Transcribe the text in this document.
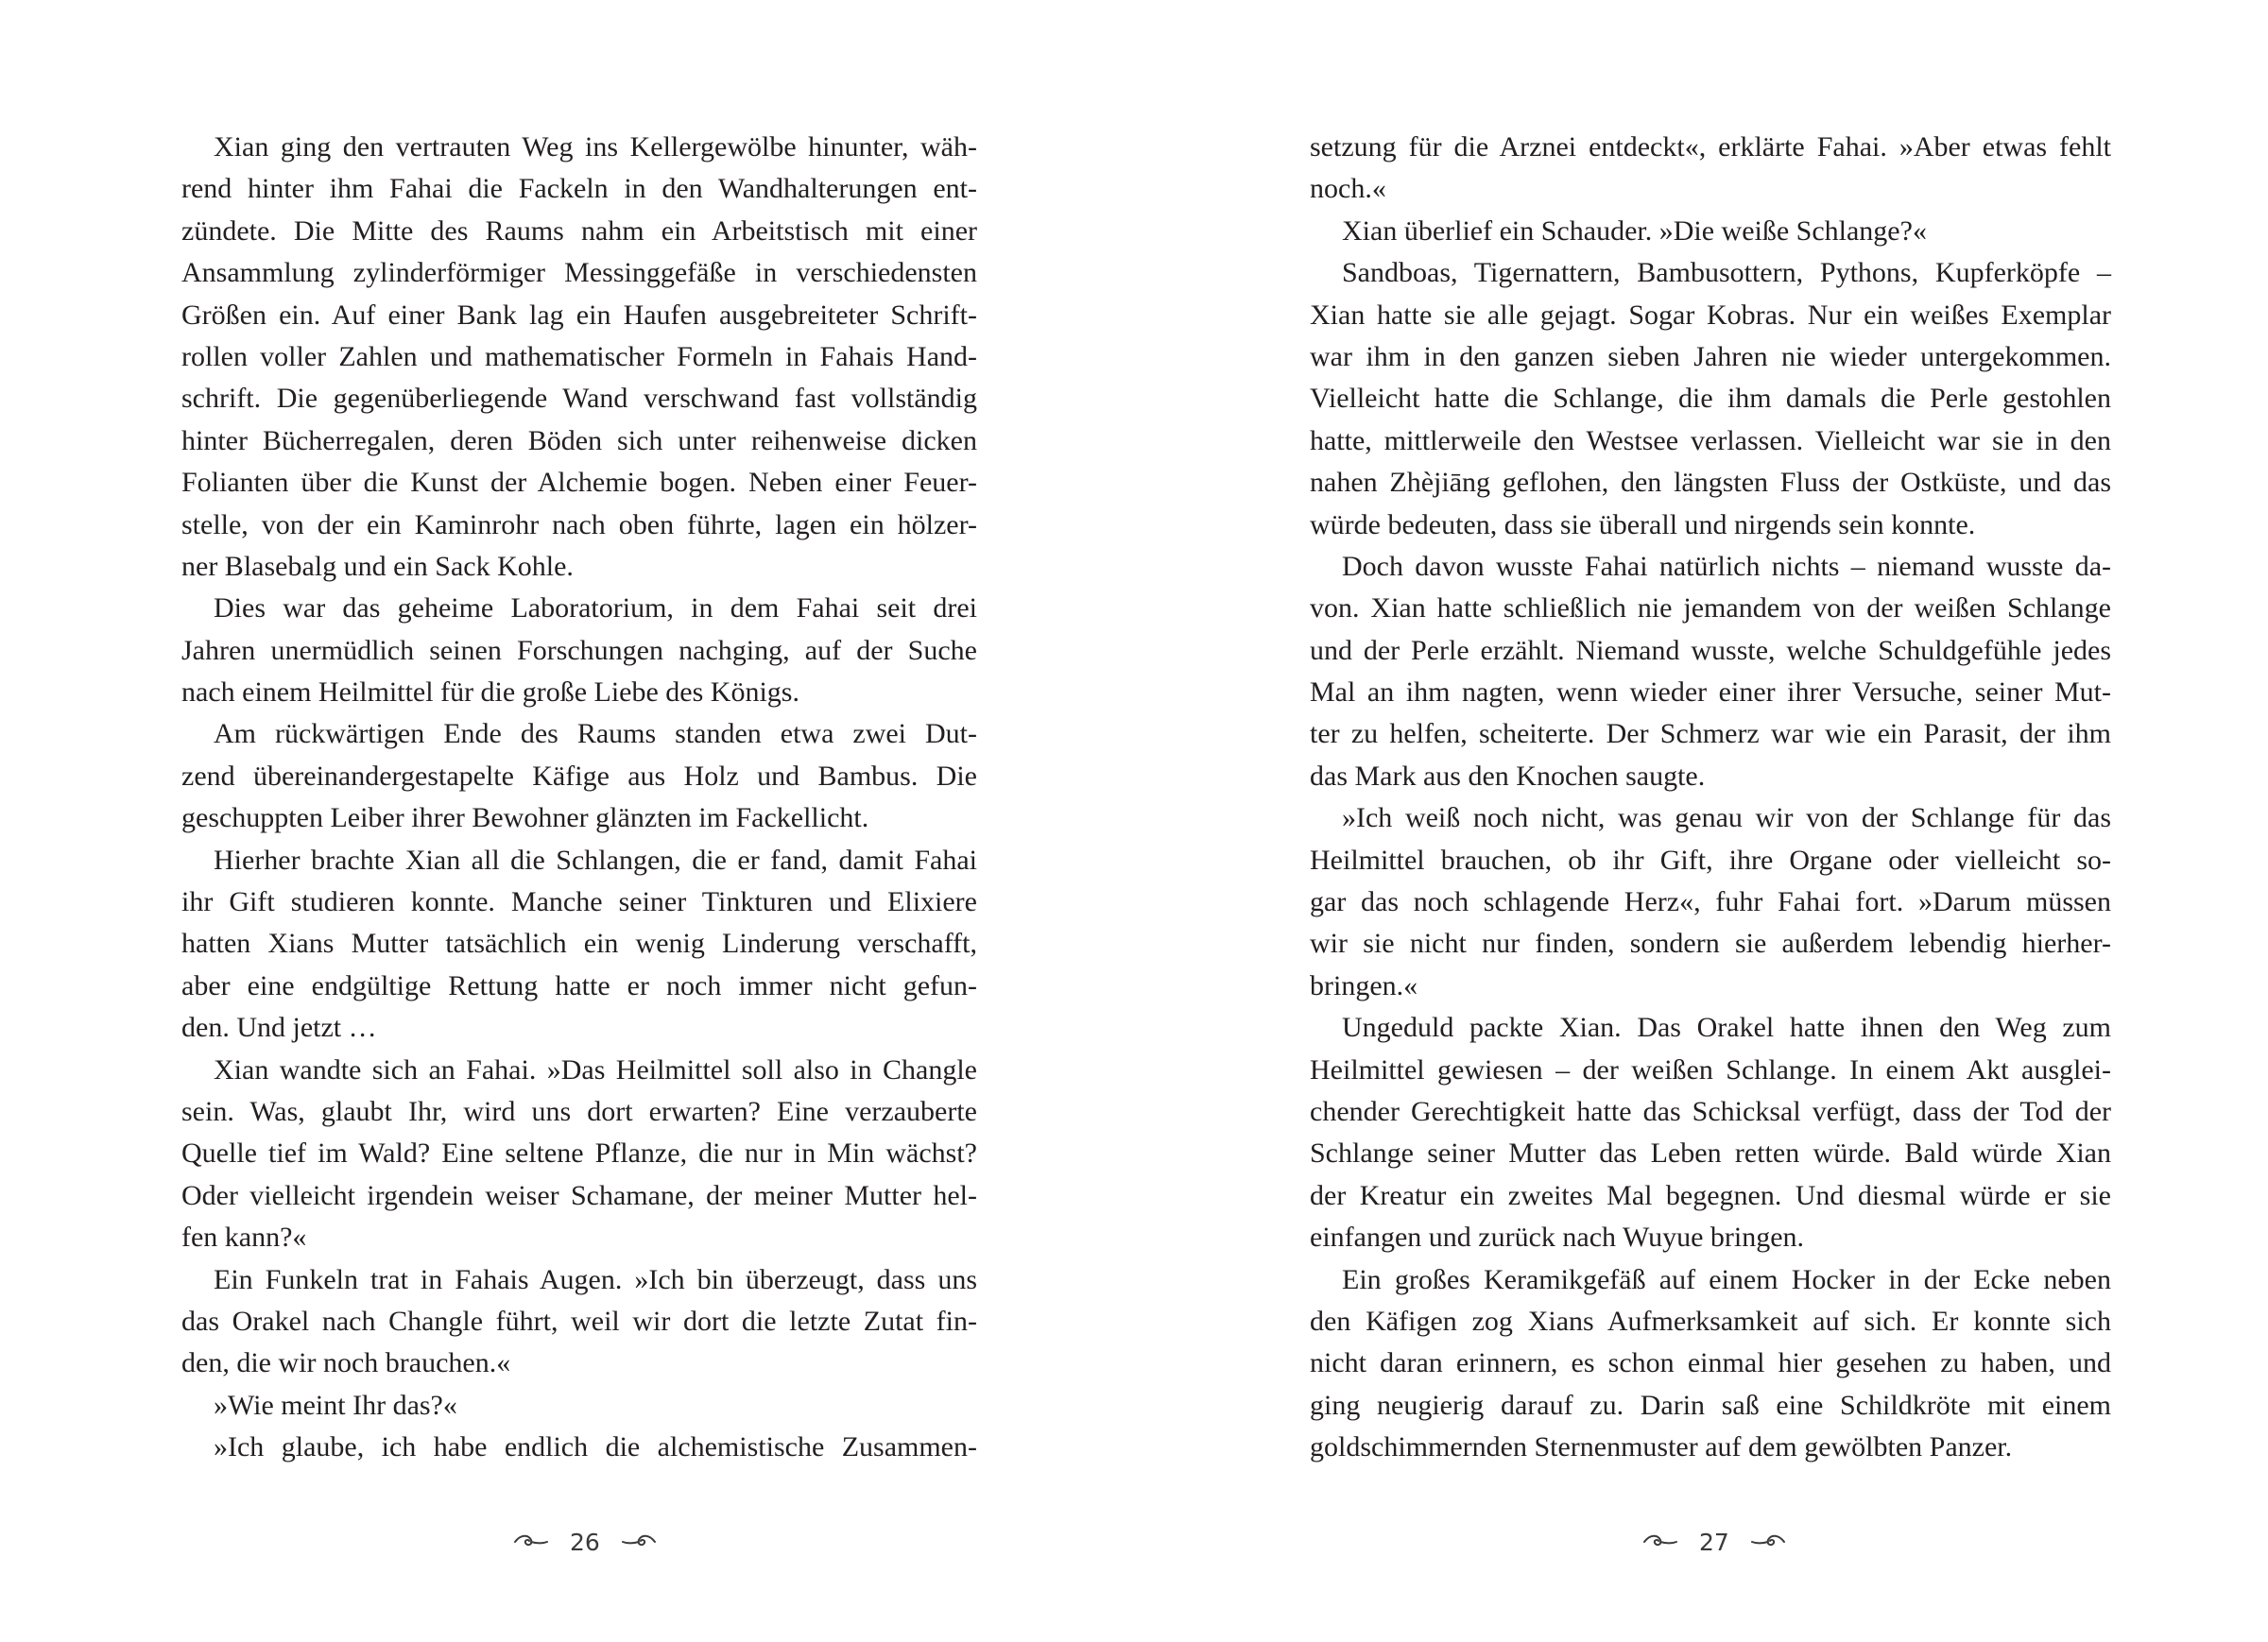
Xian ging den vertrauten Weg ins Kellergewölbe hinunter, wäh-
rend hinter ihm Fahai die Fackeln in den Wandhalterungen ent-
zündete. Die Mitte des Raums nahm ein Arbeitstisch mit einer
Ansammlung zylinderförmiger Messinggefäße in verschiedensten
Größen ein. Auf einer Bank lag ein Haufen ausgebreiteter Schrift-
rollen voller Zahlen und mathematischer Formeln in Fahais Hand-
schrift. Die gegenüberliegende Wand verschwand fast vollständig
hinter Bücherregalen, deren Böden sich unter reihenweise dicken
Folianten über die Kunst der Alchemie bogen. Neben einer Feuer-
stelle, von der ein Kaminrohr nach oben führte, lagen ein hölzer-
ner Blasebalg und ein Sack Kohle.
Dies war das geheime Laboratorium, in dem Fahai seit drei
Jahren unermüdlich seinen Forschungen nachging, auf der Suche
nach einem Heilmittel für die große Liebe des Königs.
Am rückwärtigen Ende des Raums standen etwa zwei Dut-
zend übereinandergestapelte Käfige aus Holz und Bambus. Die
geschuppten Leiber ihrer Bewohner glänzten im Fackellicht.
Hierher brachte Xian all die Schlangen, die er fand, damit Fahai
ihr Gift studieren konnte. Manche seiner Tinkturen und Elixiere
hatten Xians Mutter tatsächlich ein wenig Linderung verschafft,
aber eine endgültige Rettung hatte er noch immer nicht gefun-
den. Und jetzt …
Xian wandte sich an Fahai. »Das Heilmittel soll also in Changle
sein. Was, glaubt Ihr, wird uns dort erwarten? Eine verzauberte
Quelle tief im Wald? Eine seltene Pflanze, die nur in Min wächst?
Oder vielleicht irgendein weiser Schamane, der meiner Mutter hel-
fen kann?«
Ein Funkeln trat in Fahais Augen. »Ich bin überzeugt, dass uns
das Orakel nach Changle führt, weil wir dort die letzte Zutat fin-
den, die wir noch brauchen.«
»Wie meint Ihr das?«
»Ich glaube, ich habe endlich die alchemistische Zusammen-
26
setzung für die Arznei entdeckt«, erklärte Fahai. »Aber etwas fehlt
noch.«
Xian überlief ein Schauder. »Die weiße Schlange?«
Sandboas, Tigernattern, Bambusottern, Pythons, Kupferköpfe –
Xian hatte sie alle gejagt. Sogar Kobras. Nur ein weißes Exemplar
war ihm in den ganzen sieben Jahren nie wieder untergekommen.
Vielleicht hatte die Schlange, die ihm damals die Perle gestohlen
hatte, mittlerweile den Westsee verlassen. Vielleicht war sie in den
nahen Zhèjiāng geflohen, den längsten Fluss der Ostküste, und das
würde bedeuten, dass sie überall und nirgends sein konnte.
Doch davon wusste Fahai natürlich nichts – niemand wusste da-
von. Xian hatte schließlich nie jemandem von der weißen Schlange
und der Perle erzählt. Niemand wusste, welche Schuldgefühle jedes
Mal an ihm nagten, wenn wieder einer ihrer Versuche, seiner Mut-
ter zu helfen, scheiterte. Der Schmerz war wie ein Parasit, der ihm
das Mark aus den Knochen saugte.
»Ich weiß noch nicht, was genau wir von der Schlange für das
Heilmittel brauchen, ob ihr Gift, ihre Organe oder vielleicht so-
gar das noch schlagende Herz«, fuhr Fahai fort. »Darum müssen
wir sie nicht nur finden, sondern sie außerdem lebendig hierher-
bringen.«
Ungeduld packte Xian. Das Orakel hatte ihnen den Weg zum
Heilmittel gewiesen – der weißen Schlange. In einem Akt ausglei-
chender Gerechtigkeit hatte das Schicksal verfügt, dass der Tod der
Schlange seiner Mutter das Leben retten würde. Bald würde Xian
der Kreatur ein zweites Mal begegnen. Und diesmal würde er sie
einfangen und zurück nach Wuyue bringen.
Ein großes Keramikgefäß auf einem Hocker in der Ecke neben
den Käfigen zog Xians Aufmerksamkeit auf sich. Er konnte sich
nicht daran erinnern, es schon einmal hier gesehen zu haben, und
ging neugierig darauf zu. Darin saß eine Schildkröte mit einem
goldschimmernden Sternenmuster auf dem gewölbten Panzer.
27
